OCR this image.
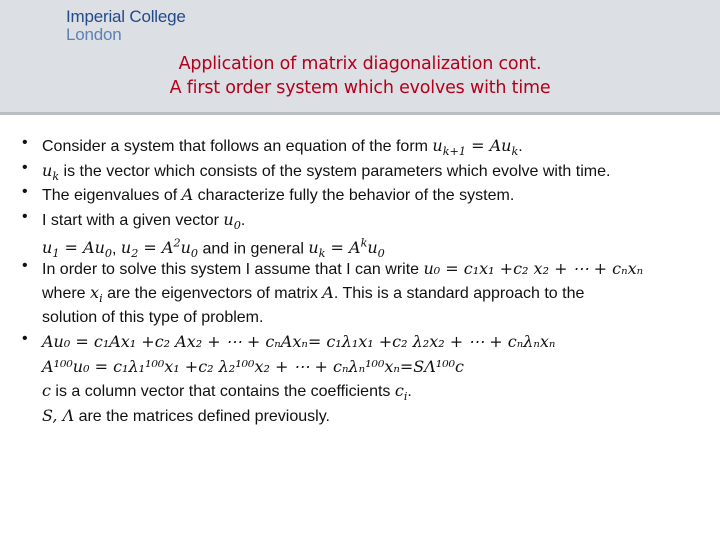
Imperial College
London
Application of matrix diagonalization cont.
A first order system which evolves with time
• Consider a system that follows an equation of the form $u_{k+1} = Au_k$.
• $u_k$ is the vector which consists of the system parameters which evolve with time.
• The eigenvalues of A characterize fully the behavior of the system.
• I start with a given vector $u_0$.
$u_1 = Au_0$, $u_2 = A^2u_0$ and in general $u_k = A^ku_0$
• In order to solve this system I assume that I can write u₀ = c₁x₁ +c₂ x₂ + ⋯ + cₙxₙ
where $x_i$ are the eigenvectors of matrix A. This is a standard approach to the
solution of this type of problem.
• Au₀ = c₁Ax₁ +c₂ Ax₂ + ⋯ + cₙAxₙ= c₁λ₁x₁ +c₂ λ₂x₂ + ⋯ + cₙλₙxₙ
A¹⁰⁰u₀ = c₁λ₁¹⁰⁰x₁ +c₂ λ₂¹⁰⁰x₂ + ⋯ + cₙλₙ¹⁰⁰xₙ=SΛ¹⁰⁰c
c is a column vector that contains the coefficients $c_i$.
S, Λ are the matrices defined previously.
